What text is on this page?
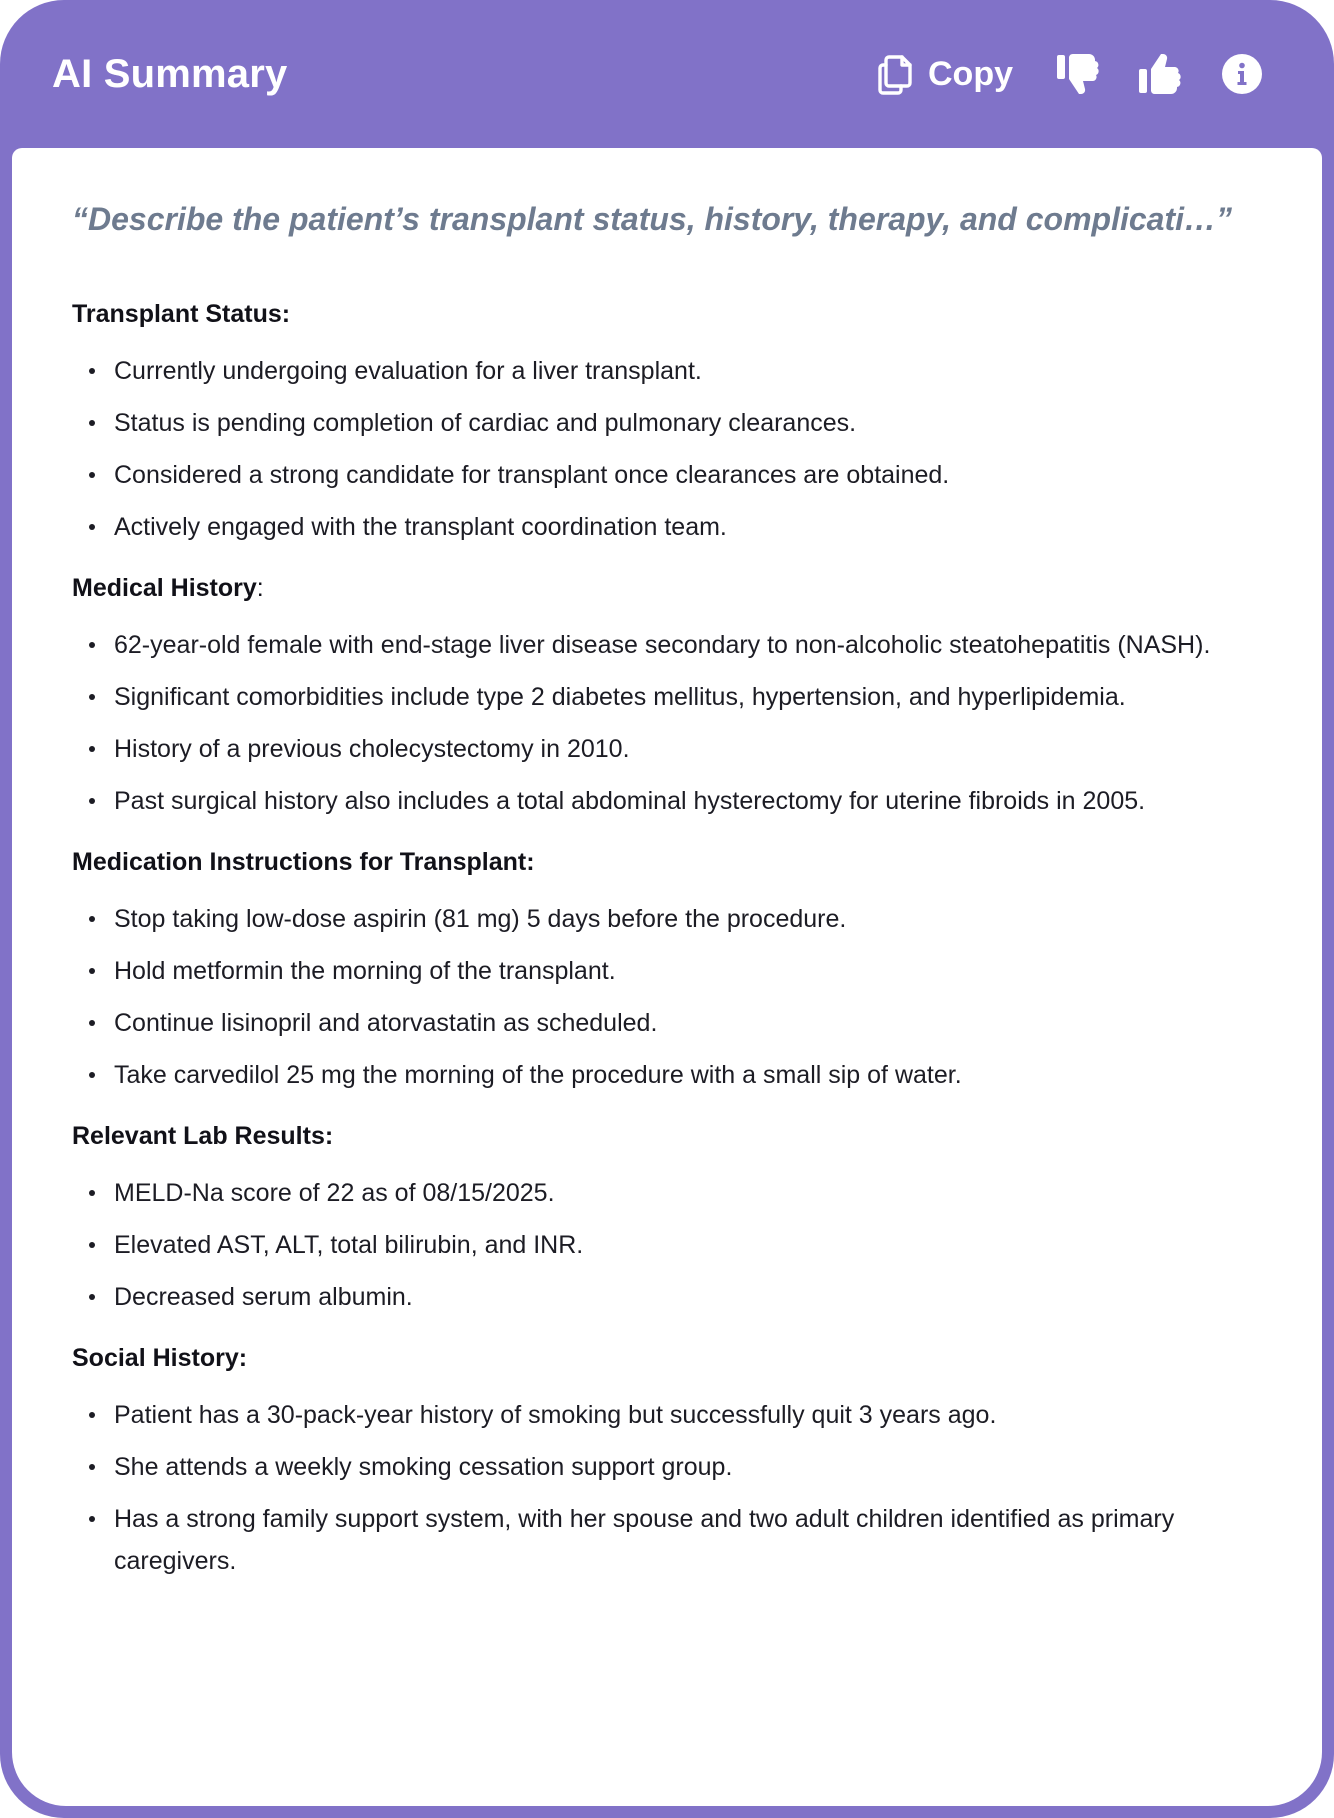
AI Summary	Copy
“Describe the patient’s transplant status, history, therapy, and complicati…”
Transplant Status:
Currently undergoing evaluation for a liver transplant.
Status is pending completion of cardiac and pulmonary clearances.
Considered a strong candidate for transplant once clearances are obtained.
Actively engaged with the transplant coordination team.
Medical History:
62-year-old female with end-stage liver disease secondary to non-alcoholic steatohepatitis (NASH).
Significant comorbidities include type 2 diabetes mellitus, hypertension, and hyperlipidemia.
History of a previous cholecystectomy in 2010.
Past surgical history also includes a total abdominal hysterectomy for uterine fibroids in 2005.
Medication Instructions for Transplant:
Stop taking low-dose aspirin (81 mg) 5 days before the procedure.
Hold metformin the morning of the transplant.
Continue lisinopril and atorvastatin as scheduled.
Take carvedilol 25 mg the morning of the procedure with a small sip of water.
Relevant Lab Results:
MELD-Na score of 22 as of 08/15/2025.
Elevated AST, ALT, total bilirubin, and INR.
Decreased serum albumin.
Social History:
Patient has a 30-pack-year history of smoking but successfully quit 3 years ago.
She attends a weekly smoking cessation support group.
Has a strong family support system, with her spouse and two adult children identified as primary caregivers.
